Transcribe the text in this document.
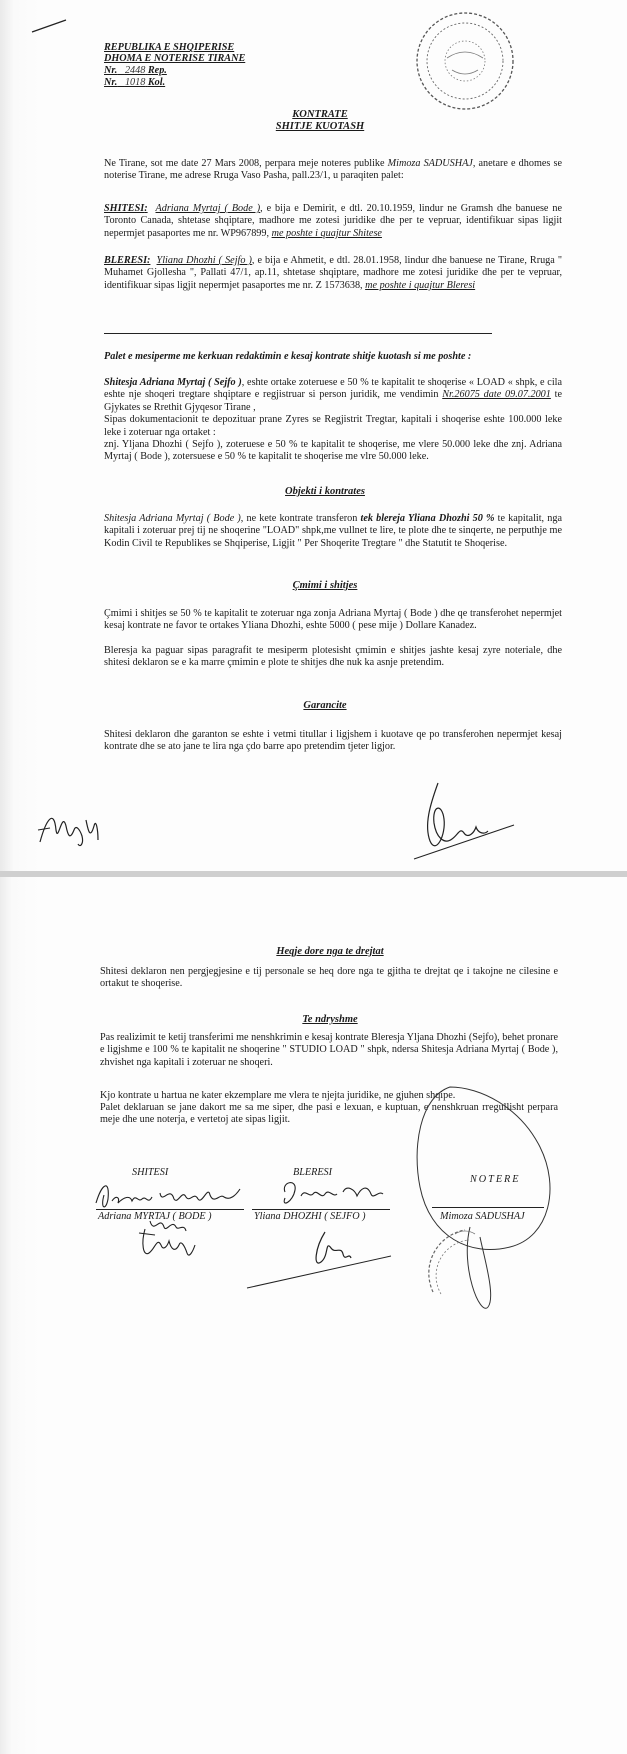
REPUBLIKA E SHQIPERISE
DHOMA E NOTERISE TIRANE
Nr. 2448 Rep.
Nr. 1018 Kol.
KONTRATE
SHITJE KUOTASH
Ne Tirane, sot me date 27 Mars 2008, perpara meje noteres publike Mimoza SADUSHAJ, anetare e dhomes se noterise Tirane, me adrese Rruga Vaso Pasha, pall.23/1, u paraqiten palet:
SHITESI: Adriana Myrtaj ( Bode ), e bija e Demirit, e dtl. 20.10.1959, lindur ne Gramsh dhe banuese ne Toronto Canada, shtetase shqiptare, madhore me zotesi juridike dhe per te vepruar, identifikuar sipas ligjit nepermjet pasaportes me nr. WP967899, me poshte i quajtur Shitese
BLERESI: Yliana Dhozhi ( Sejfo ), e bija e Ahmetit, e dtl. 28.01.1958, lindur dhe banuese ne Tirane, Rruga " Muhamet Gjollesha ", Pallati 47/1, ap.11, shtetase shqiptare, madhore me zotesi juridike dhe per te vepruar, identifikuar sipas ligjit nepermjet pasaportes me nr. Z 1573638, me poshte i quajtur Bleresi
Palet e mesiperme me kerkuan redaktimin e kesaj kontrate shitje kuotash si me poshte :
Shitesja Adriana Myrtaj ( Sejfo ), eshte ortake zoteruese e 50 % te kapitalit te shoqerise « LOAD « shpk, e cila eshte nje shoqeri tregtare shqiptare e regjistruar si person juridik, me vendimin Nr.26075 date 09.07.2001 te Gjykates se Rrethit Gjyqesor Tirane ,
Sipas dokumentacionit te depozituar prane Zyres se Regjistrit Tregtar, kapitali i shoqerise eshte 100.000 leke leke i zoteruar nga ortaket :
znj. Yljana Dhozhi ( Sejfo ), zoteruese e 50 % te kapitalit te shoqerise, me vlere 50.000 leke dhe znj. Adriana Myrtaj ( Bode ), zotersuese e 50 % te kapitalit te shoqerise me vlre 50.000 leke.
Objekti i kontrates
Shitesja Adriana Myrtaj ( Bode ), ne kete kontrate transferon tek blereja Yliana Dhozhi 50 % te kapitalit, nga kapitali i zoteruar prej tij ne shoqerine "LOAD" shpk,me vullnet te lire, te plote dhe te sinqerte, ne perputhje me Kodin Civil te Republikes se Shqiperise, Ligjit " Per Shoqerite Tregtare " dhe Statutit te Shoqerise.
Çmimi i shitjes
Çmimi i shitjes se 50 % te kapitalit te zoteruar nga zonja Adriana Myrtaj ( Bode ) dhe qe transferohet nepermjet kesaj kontrate ne favor te ortakes Yliana Dhozhi, eshte 5000 ( pese mije ) Dollare Kanadez.
Bleresja ka paguar sipas paragrafit te mesiperm plotesisht çmimin e shitjes jashte kesaj zyre noteriale, dhe shitesi deklaron se e ka marre çmimin e plote te shitjes dhe nuk ka asnje pretendim.
Garancite
Shitesi deklaron dhe garanton se eshte i vetmi titullar i ligjshem i kuotave qe po transferohen nepermjet kesaj kontrate dhe se ato jane te lira nga çdo barre apo pretendim tjeter ligjor.
Heqje dore nga te drejtat
Shitesi deklaron nen pergjegjesine e tij personale se heq dore nga te gjitha te drejtat qe i takojne ne cilesine e ortakut te shoqerise.
Te ndryshme
Pas realizimit te ketij transferimi me nenshkrimin e kesaj kontrate Bleresja Yljana Dhozhi (Sejfo), behet pronare e ligjshme e 100 % te kapitalit ne shoqerine " STUDIO LOAD " shpk, ndersa Shitesja Adriana Myrtaj ( Bode ), zhvishet nga kapitali i zoteruar ne shoqeri.
Kjo kontrate u hartua ne kater ekzemplare me vlera te njejta juridike, ne gjuhen shqipe.
Palet deklaruan se jane dakort me sa me siper, dhe pasi e lexuan, e kuptuan, e nenshkruan rregullisht perpara meje dhe une noterja, e vertetoj ate sipas ligjit.
SHITESI	BLERESI
NOTERE
Adriana MYRTAJ ( BODE )	Yliana DHOZHI ( SEJFO )	Mimoza SADUSHAJ
